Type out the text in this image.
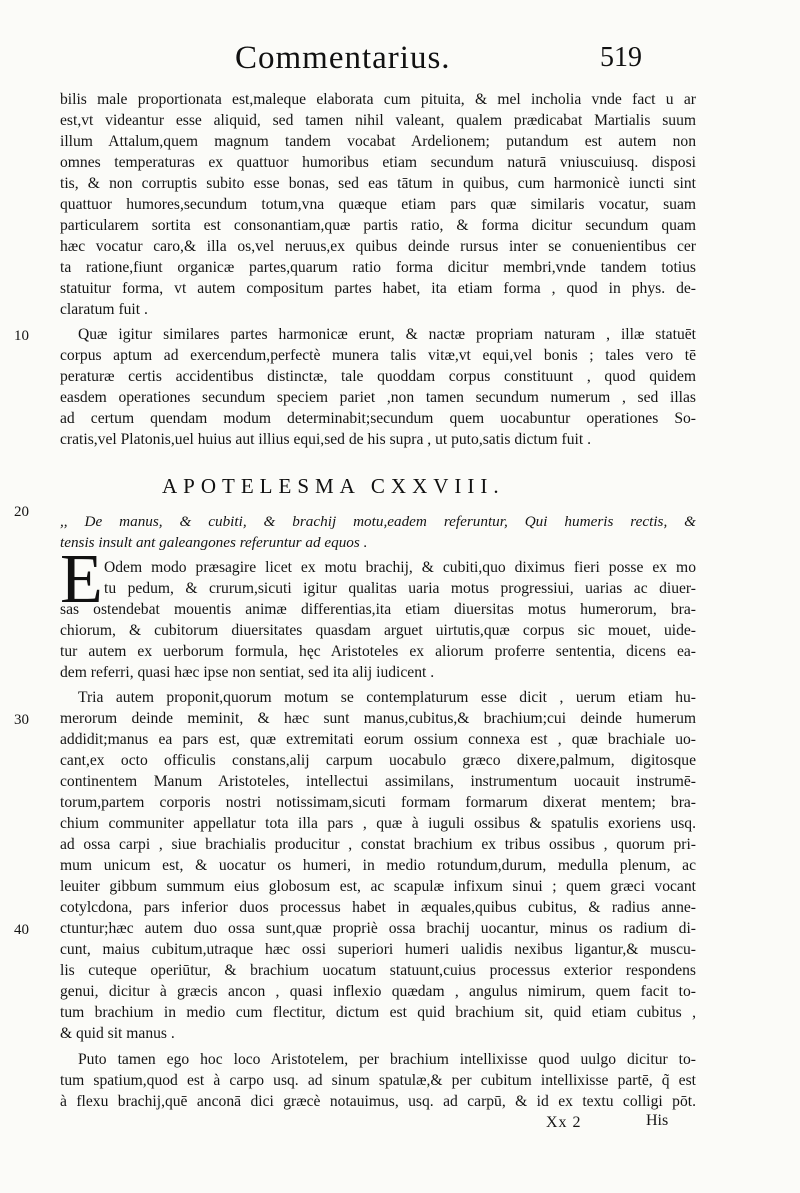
Commentarius.	519

bilis male proportionata est,maleque elaborata cum pituita, & mel incholia vnde fact u ar
est,vt videantur esse aliquid, sed tamen nihil valeant, qualem prædicabat Martialis suum
illum Attalum,quem magnum tandem vocabat Ardelionem; putandum est autem non
omnes temperaturas ex quattuor humoribus etiam secundum naturā vniuscuiusq. disposi
tis, & non corruptis subito esse bonas, sed eas tātum in quibus, cum harmonicè iuncti sint
quattuor humores,secundum totum,vna quæque etiam pars quæ similaris vocatur, suam
particularem sortita est consonantiam,quæ partis ratio, & forma dicitur secundum quam
hæc vocatur caro,& illa os,vel neruus,ex quibus deinde rursus inter se conuenientibus cer
ta ratione,fiunt organicæ partes,quarum ratio forma dicitur membri,vnde tandem totius
statuitur forma, vt autem compositum partes habet, ita etiam forma , quod in phys. de-
claratum fuit .
Quæ igitur similares partes harmonicæ erunt, & nactæ propriam naturam , illæ statuēt
corpus aptum ad exercendum,perfectè munera talis vitæ,vt equi,vel bonis ; tales vero tē
peraturæ certis accidentibus distinctæ, tale quoddam corpus constituunt , quod quidem
easdem operationes secundum speciem pariet ,non tamen secundum numerum , sed illas
ad certum quendam modum determinabit;secundum quem uocabuntur operationes So-
cratis,vel Platonis,uel huius aut illius equi,sed de his supra , ut puto,satis dictum fuit .
10
APOTELESMA CXXVIII.
20
,, De manus, & cubiti, & brachij motu,eadem referuntur, Qui humeris rectis, &
tensis insult ant galeangones referuntur ad equos .
E Odem modo præsagire licet ex motu brachij, & cubiti,quo diximus fieri posse ex mo
tu pedum, & crurum,sicuti igitur qualitas uaria motus progressiui, uarias ac diuer-
sas ostendebat mouentis animæ differentias,ita etiam diuersitas motus humerorum, bra-
chiorum, & cubitorum diuersitates quasdam arguet uirtutis,quæ corpus sic mouet, uide-
tur autem ex uerborum formula, hęc Aristoteles ex aliorum proferre sententia, dicens ea-
dem referri, quasi hæc ipse non sentiat, sed ita alij iudicent .
Tria autem proponit,quorum motum se contemplaturum esse dicit , uerum etiam hu-
merorum deinde meminit, & hæc sunt manus,cubitus,& brachium;cui deinde humerum
addidit;manus ea pars est, quæ extremitati eorum ossium connexa est , quæ brachiale uo-
cant,ex octo officulis constans,alij carpum uocabulo græco dixere,palmum, digitosque
continentem Manum Aristoteles, intellectui assimilans, instrumentum uocauit instrumē-
torum,partem corporis nostri notissimam,sicuti formam formarum dixerat mentem; bra-
chium communiter appellatur tota illa pars , quæ à iuguli ossibus & spatulis exoriens usq.
ad ossa carpi , siue brachialis producitur , constat brachium ex tribus ossibus , quorum pri-
mum unicum est, & uocatur os humeri, in medio rotundum,durum, medulla plenum, ac
leuiter gibbum summum eius globosum est, ac scapulæ infixum sinui ; quem græci vocant
cotylcdona, pars inferior duos processus habet in æquales,quibus cubitus, & radius anne-
ctuntur;hæc autem duo ossa sunt,quæ propriè ossa brachij uocantur, minus os radium di-
cunt, maius cubitum,utraque hæc ossi superiori humeri ualidis nexibus ligantur,& muscu-
lis cuteque operiūtur, & brachium uocatum statuunt,cuius processus exterior respondens
genui, dicitur à græcis ancon , quasi inflexio quædam , angulus nimirum, quem facit to-
tum brachium in medio cum flectitur, dictum est quid brachium sit, quid etiam cubitus ,
& quid sit manus .
Puto tamen ego hoc loco Aristotelem, per brachium intellixisse quod uulgo dicitur to-
tum spatium,quod est à carpo usq. ad sinum spatulæ,& per cubitum intellixisse partē, q̃ est
à flexu brachij,quē anconā dici græcè notauimus, usq. ad carpū, & id ex textu colligi pōt.
30
40
Xx 2	His
